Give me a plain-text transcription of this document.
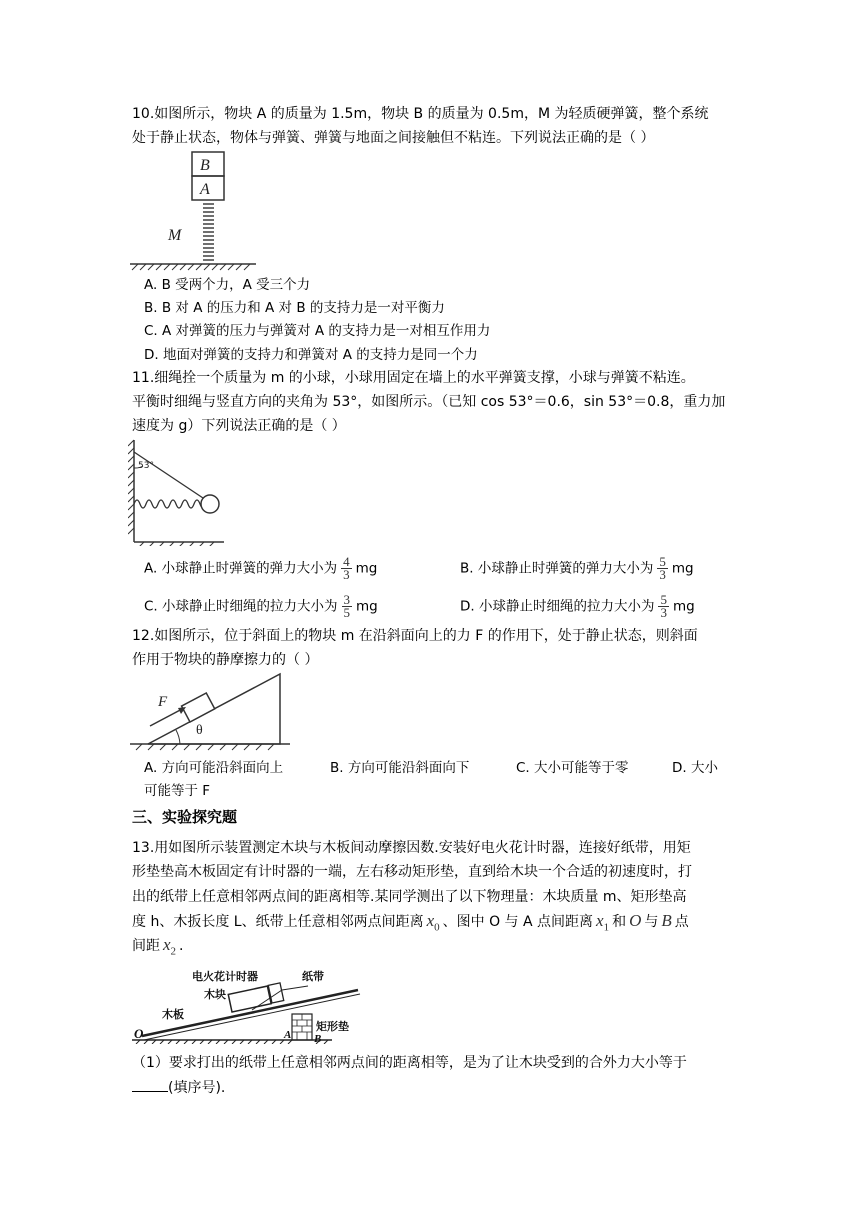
10.如图所示，物块 A 的质量为 1.5m，物块 B 的质量为 0.5m，M 为轻质硬弹簧，整个系统
处于静止状态，物体与弹簧、弹簧与地面之间接触但不粘连。下列说法正确的是（ ）
B
A
M
A. B 受两个力，A 受三个力
B. B 对 A 的压力和 A 对 B 的支持力是一对平衡力
C. A 对弹簧的压力与弹簧对 A 的支持力是一对相互作用力
D. 地面对弹簧的支持力和弹簧对 A 的支持力是同一个力
11.细绳拴一个质量为 m 的小球，小球用固定在墙上的水平弹簧支撑，小球与弹簧不粘连。
平衡时细绳与竖直方向的夹角为 53°，如图所示。（已知 cos 53°＝0.6，sin 53°＝0.8，重力加
速度为 g）下列说法正确的是（ ）
53°
A. 小球静止时弹簧的弹力大小为 $\frac{4}{3}$ mg	B. 小球静止时弹簧的弹力大小为 $\frac{5}{3}$ mg
C. 小球静止时细绳的拉力大小为 $\frac{3}{5}$ mg	D. 小球静止时细绳的拉力大小为 $\frac{5}{3}$ mg
12.如图所示，位于斜面上的物块 m 在沿斜面向上的力 F 的作用下，处于静止状态，则斜面
作用于物块的静摩擦力的（ ）
F
θ
A. 方向可能沿斜面向上	B. 方向可能沿斜面向下	C. 大小可能等于零	D. 大小
可能等于 F
三、实验探究题
13.用如图所示装置测定木块与木板间动摩擦因数.安装好电火花计时器，连接好纸带，用矩
形垫垫高木板固定有计时器的一端，左右移动矩形垫，直到给木块一个合适的初速度时，打
出的纸带上任意相邻两点间的距离相等.某同学测出了以下物理量：木块质量 m、矩形垫高
度 h、木扳长度 L、纸带上任意相邻两点间距离 $x_0$ 、图中 O 与 A 点间距离 $x_1$ 和 O 与 B 点
间距 $x_2$ .
电火花计时器	纸带
木块
木板
矩形垫
O	A B
（1）要求打出的纸带上任意相邻两点间的距离相等，是为了让木块受到的合外力大小等于
(填序号).
